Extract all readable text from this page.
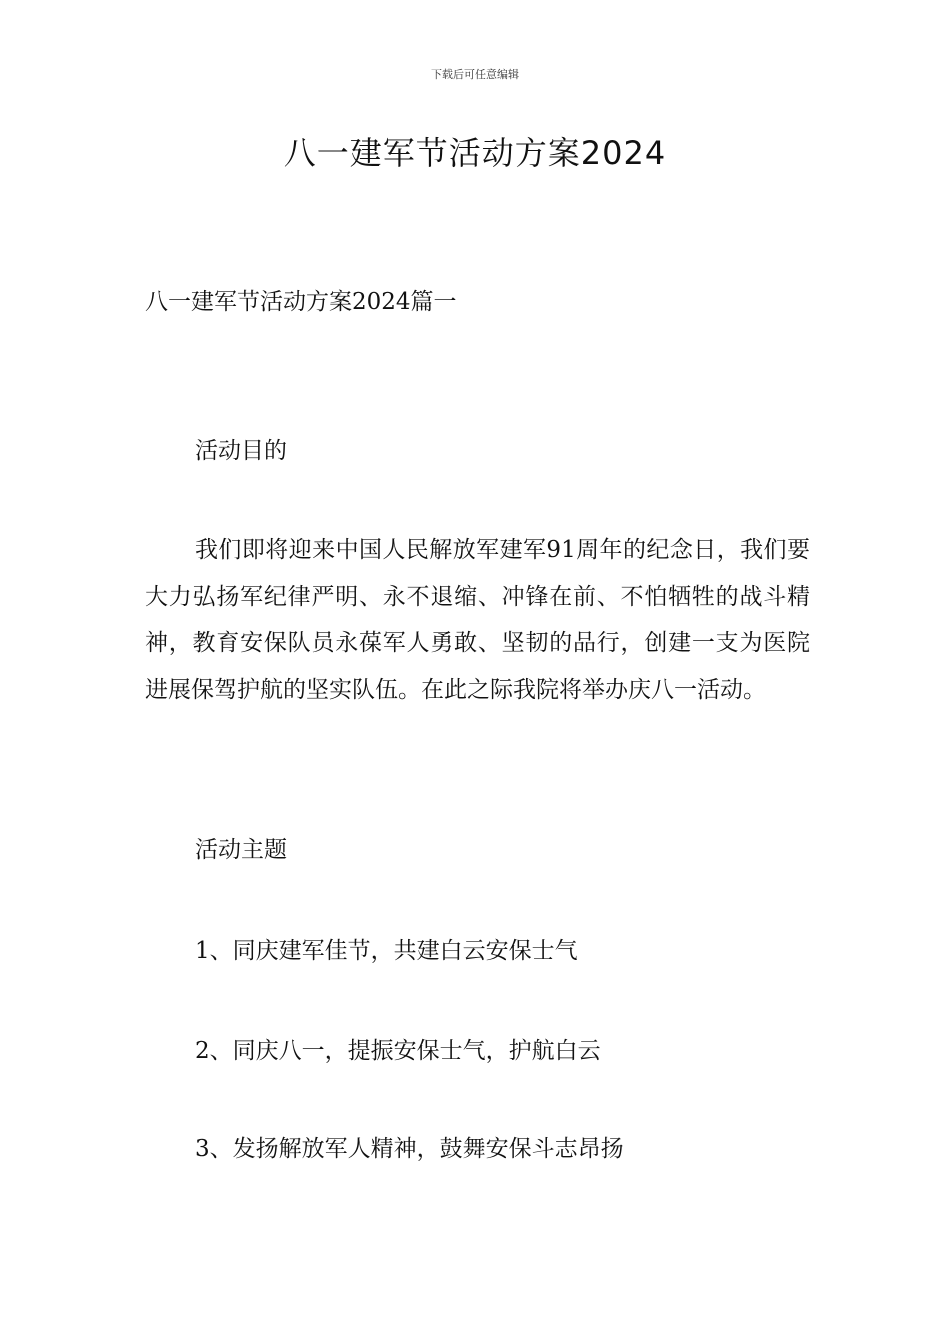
下载后可任意编辑
八一建军节活动方案2024
八一建军节活动方案2024篇一
活动目的
我们即将迎来中国人民解放军建军91周年的纪念日，我们要大力弘扬军纪律严明、永不退缩、冲锋在前、不怕牺牲的战斗精神，教育安保队员永葆军人勇敢、坚韧的品行，创建一支为医院进展保驾护航的坚实队伍。在此之际我院将举办庆八一活动。
活动主题
1、同庆建军佳节，共建白云安保士气
2、同庆八一，提振安保士气，护航白云
3、发扬解放军人精神，鼓舞安保斗志昂扬
